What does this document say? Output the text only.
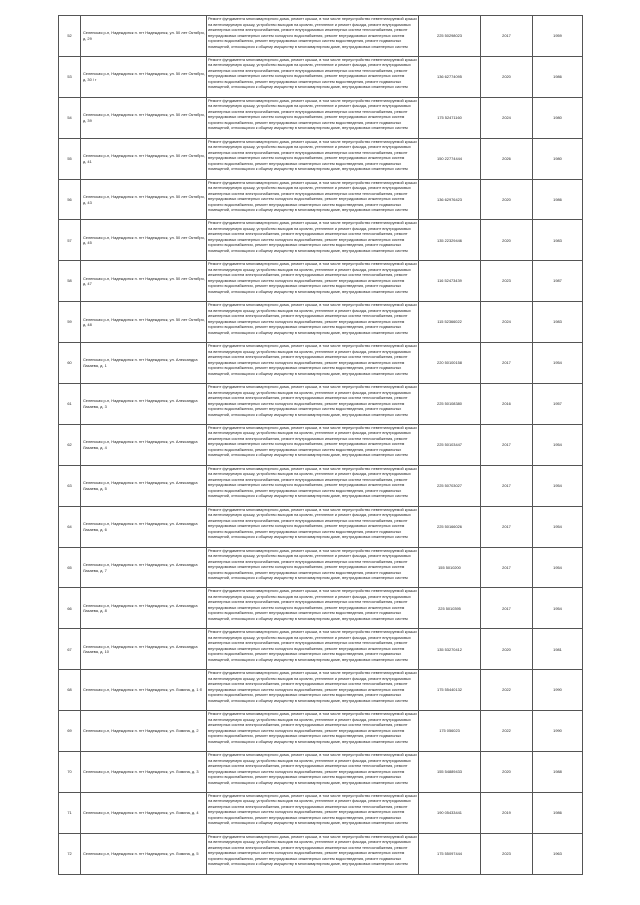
52	Селенская р-н, Надеждинск п. пгт Надеждинск, ул. 50 лет Октября, д. 29	Ремонт фундамента многоквартирного дома, ремонт крыши, в том числе переустройство невентилируемой крыши на вентилируемую крышу, устройство выходов на кровлю, утепление и ремонт фасада, ремонт внутридомовых инженерных систем электроснабжения, ремонт внутридомовых инженерных систем теплоснабжения, ремонт внутридомовых инженерных систем холодного водоснабжения, ремонт внутридомовых инженерных систем горячего водоснабжения, ремонт внутридомовых инженерных систем водоотведения, ремонт подвальных помещений, относящихся к общему имуществу в многоквартирном доме, внутридомовых инженерных систем	225 50298023	2017	1959
53	Селенская р-н, Надеждинск п. пгт Надеждинск, ул. 50 лет Октября, д. 30 / г	Ремонт фундамента многоквартирного дома, ремонт крыши, в том числе переустройство невентилируемой крыши на вентилируемую крышу, устройство выходов на кровлю, утепление и ремонт фасада, ремонт внутридомовых инженерных систем электроснабжения, ремонт внутридомовых инженерных систем теплоснабжения, ремонт внутридомовых инженерных систем холодного водоснабжения, ремонт внутридомовых инженерных систем горячего водоснабжения, ремонт внутридомовых инженерных систем водоотведения, ремонт подвальных помещений, относящихся к общему имуществу в многоквартирном доме, внутридомовых инженерных систем	136 62774095	2020	1986
54	Селенская р-н, Надеждинск п. пгт Надеждинск, ул. 50 лет Октября, д. 39	Ремонт фундамента многоквартирного дома, ремонт крыши, в том числе переустройство невентилируемой крыши на вентилируемую крышу, устройство выходов на кровлю, утепление и ремонт фасада, ремонт внутридомовых инженерных систем электроснабжения, ремонт внутридомовых инженерных систем теплоснабжения, ремонт внутридомовых инженерных систем холодного водоснабжения, ремонт внутридомовых инженерных систем горячего водоснабжения, ремонт внутридомовых инженерных систем водоотведения, ремонт подвальных помещений, относящихся к общему имуществу в многоквартирном доме, внутридомовых инженерных систем	175 52471160	2024	1980
55	Селенская р-н, Надеждинск п. пгт Надеждинск, ул. 50 лет Октября, д. 41	Ремонт фундамента многоквартирного дома, ремонт крыши, в том числе переустройство невентилируемой крыши на вентилируемую крышу, устройство выходов на кровлю, утепление и ремонт фасада, ремонт внутридомовых инженерных систем электроснабжения, ремонт внутридомовых инженерных систем теплоснабжения, ремонт внутридомовых инженерных систем холодного водоснабжения, ремонт внутридомовых инженерных систем горячего водоснабжения, ремонт внутридомовых инженерных систем водоотведения, ремонт подвальных помещений, относящихся к общему имуществу в многоквартирном доме, внутридомовых инженерных систем	150 22774444	2026	1980
56	Селенская р-н, Надеждинск п. пгт Надеждинск, ул. 50 лет Октября, д. 43	Ремонт фундамента многоквартирного дома, ремонт крыши, в том числе переустройство невентилируемой крыши на вентилируемую крышу, устройство выходов на кровлю, утепление и ремонт фасада, ремонт внутридомовых инженерных систем электроснабжения, ремонт внутридомовых инженерных систем теплоснабжения, ремонт внутридомовых инженерных систем холодного водоснабжения, ремонт внутридомовых инженерных систем горячего водоснабжения, ремонт внутридомовых инженерных систем водоотведения, ремонт подвальных помещений, относящихся к общему имуществу в многоквартирном доме, внутридомовых инженерных систем	136 62976423	2020	1986
57	Селенская р-н, Надеждинск п. пгт Надеждинск, ул. 50 лет Октября, д. 45	Ремонт фундамента многоквартирного дома, ремонт крыши, в том числе переустройство невентилируемой крыши на вентилируемую крышу, устройство выходов на кровлю, утепление и ремонт фасада, ремонт внутридомовых инженерных систем электроснабжения, ремонт внутридомовых инженерных систем теплоснабжения, ремонт внутридомовых инженерных систем холодного водоснабжения, ремонт внутридомовых инженерных систем горячего водоснабжения, ремонт внутридомовых инженерных систем водоотведения, ремонт подвальных помещений, относящихся к общему имуществу в многоквартирном доме, внутридомовых инженерных систем	135 22329446	2020	1983
58	Селенская р-н, Надеждинск п. пгт Надеждинск, ул. 50 лет Октября, д. 47	Ремонт фундамента многоквартирного дома, ремонт крыши, в том числе переустройство невентилируемой крыши на вентилируемую крышу, устройство выходов на кровлю, утепление и ремонт фасада, ремонт внутридомовых инженерных систем электроснабжения, ремонт внутридомовых инженерных систем теплоснабжения, ремонт внутридомовых инженерных систем холодного водоснабжения, ремонт внутридомовых инженерных систем горячего водоснабжения, ремонт внутридомовых инженерных систем водоотведения, ремонт подвальных помещений, относящихся к общему имуществу в многоквартирном доме, внутридомовых инженерных систем	116 52473439	2023	1987
59	Селенская р-н, Надеждинск п. пгт Надеждинск, ул. 50 лет Октября, д. 48	Ремонт фундамента многоквартирного дома, ремонт крыши, в том числе переустройство невентилируемой крыши на вентилируемую крышу, устройство выходов на кровлю, утепление и ремонт фасада, ремонт внутридомовых инженерных систем электроснабжения, ремонт внутридомовых инженерных систем теплоснабжения, ремонт внутридомовых инженерных систем холодного водоснабжения, ремонт внутридомовых инженерных систем горячего водоснабжения, ремонт внутридомовых инженерных систем водоотведения, ремонт подвальных помещений, относящихся к общему имуществу в многоквартирном доме, внутридомовых инженерных систем	115 52366022	2024	1983
60	Селенская р-н, Надеждинск п. пгт Надеждинск, ул. Александра Лазаева, д. 1	Ремонт фундамента многоквартирного дома, ремонт крыши, в том числе переустройство невентилируемой крыши на вентилируемую крышу, устройство выходов на кровлю, утепление и ремонт фасада, ремонт внутридомовых инженерных систем электроснабжения, ремонт внутридомовых инженерных систем теплоснабжения, ремонт внутридомовых инженерных систем холодного водоснабжения, ремонт внутридомовых инженерных систем горячего водоснабжения, ремонт внутридомовых инженерных систем водоотведения, ремонт подвальных помещений, относящихся к общему имуществу в многоквартирном доме, внутридомовых инженерных систем	220 50100158	2017	1954
61	Селенская р-н, Надеждинск п. пгт Надеждинск, ул. Александра Лазаева, д. 3	Ремонт фундамента многоквартирного дома, ремонт крыши, в том числе переустройство невентилируемой крыши на вентилируемую крышу, устройство выходов на кровлю, утепление и ремонт фасада, ремонт внутридомовых инженерных систем электроснабжения, ремонт внутридомовых инженерных систем теплоснабжения, ремонт внутридомовых инженерных систем холодного водоснабжения, ремонт внутридомовых инженерных систем горячего водоснабжения, ремонт внутридомовых инженерных систем водоотведения, ремонт подвальных помещений, относящихся к общему имуществу в многоквартирном доме, внутридомовых инженерных систем	225 50108380	2016	1957
62	Селенская р-н, Надеждинск п. пгт Надеждинск, ул. Александра Лазаева, д. 4	Ремонт фундамента многоквартирного дома, ремонт крыши, в том числе переустройство невентилируемой крыши на вентилируемую крышу, устройство выходов на кровлю, утепление и ремонт фасада, ремонт внутридомовых инженерных систем электроснабжения, ремонт внутридомовых инженерных систем теплоснабжения, ремонт внутридомовых инженерных систем холодного водоснабжения, ремонт внутридомовых инженерных систем горячего водоснабжения, ремонт внутридомовых инженерных систем водоотведения, ремонт подвальных помещений, относящихся к общему имуществу в многоквартирном доме, внутридомовых инженерных систем	225 50103447	2017	1954
63	Селенская р-н, Надеждинск п. пгт Надеждинск, ул. Александра Лазаева, д. 5	Ремонт фундамента многоквартирного дома, ремонт крыши, в том числе переустройство невентилируемой крыши на вентилируемую крышу, устройство выходов на кровлю, утепление и ремонт фасада, ремонт внутридомовых инженерных систем электроснабжения, ремонт внутридомовых инженерных систем теплоснабжения, ремонт внутридомовых инженерных систем холодного водоснабжения, ремонт внутридомовых инженерных систем горячего водоснабжения, ремонт внутридомовых инженерных систем водоотведения, ремонт подвальных помещений, относящихся к общему имуществу в многоквартирном доме, внутридомовых инженерных систем	225 50703027	2017	1954
64	Селенская р-н, Надеждинск п. пгт Надеждинск, ул. Александра Лазаева, д. 6	Ремонт фундамента многоквартирного дома, ремонт крыши, в том числе переустройство невентилируемой крыши на вентилируемую крышу, устройство выходов на кровлю, утепление и ремонт фасада, ремонт внутридомовых инженерных систем электроснабжения, ремонт внутридомовых инженерных систем теплоснабжения, ремонт внутридомовых инженерных систем холодного водоснабжения, ремонт внутридомовых инженерных систем горячего водоснабжения, ремонт внутридомовых инженерных систем водоотведения, ремонт подвальных помещений, относящихся к общему имуществу в многоквартирном доме, внутридомовых инженерных систем	225 50166026	2017	1954
65	Селенская р-н, Надеждинск п. пгт Надеждинск, ул. Александра Лазаева, д. 7	Ремонт фундамента многоквартирного дома, ремонт крыши, в том числе переустройство невентилируемой крыши на вентилируемую крышу, устройство выходов на кровлю, утепление и ремонт фасада, ремонт внутридомовых инженерных систем электроснабжения, ремонт внутридомовых инженерных систем теплоснабжения, ремонт внутридомовых инженерных систем холодного водоснабжения, ремонт внутридомовых инженерных систем горячего водоснабжения, ремонт внутридомовых инженерных систем водоотведения, ремонт подвальных помещений, относящихся к общему имуществу в многоквартирном доме, внутридомовых инженерных систем	155 5010200	2017	1954
66	Селенская р-н, Надеждинск п. пгт Надеждинск, ул. Александра Лазаева, д. 8	Ремонт фундамента многоквартирного дома, ремонт крыши, в том числе переустройство невентилируемой крыши на вентилируемую крышу, устройство выходов на кровлю, утепление и ремонт фасада, ремонт внутридомовых инженерных систем электроснабжения, ремонт внутридомовых инженерных систем теплоснабжения, ремонт внутридомовых инженерных систем холодного водоснабжения, ремонт внутридомовых инженерных систем горячего водоснабжения, ремонт внутридомовых инженерных систем водоотведения, ремонт подвальных помещений, относящихся к общему имуществу в многоквартирном доме, внутридомовых инженерных систем	225 5010395	2017	1954
67	Селенская р-н, Надеждинск п. пгт Надеждинск, ул. Александра Лазаева, д. 10	Ремонт фундамента многоквартирного дома, ремонт крыши, в том числе переустройство невентилируемой крыши на вентилируемую крышу, устройство выходов на кровлю, утепление и ремонт фасада, ремонт внутридомовых инженерных систем электроснабжения, ремонт внутридомовых инженерных систем теплоснабжения, ремонт внутридомовых инженерных систем холодного водоснабжения, ремонт внутридомовых инженерных систем горячего водоснабжения, ремонт внутридомовых инженерных систем водоотведения, ремонт подвальных помещений, относящихся к общему имуществу в многоквартирном доме, внутридомовых инженерных систем	135 53270412	2020	1981
68	Селенская р-н, Надеждинск п. пгт Надеждинск, ул. Ломина, д. 1 б	Ремонт фундамента многоквартирного дома, ремонт крыши, в том числе переустройство невентилируемой крыши на вентилируемую крышу, устройство выходов на кровлю, утепление и ремонт фасада, ремонт внутридомовых инженерных систем электроснабжения, ремонт внутридомовых инженерных систем теплоснабжения, ремонт внутридомовых инженерных систем холодного водоснабжения, ремонт внутридомовых инженерных систем горячего водоснабжения, ремонт внутридомовых инженерных систем водоотведения, ремонт подвальных помещений, относящихся к общему имуществу в многоквартирном доме, внутридомовых инженерных систем	175 55440132	2022	1990
69	Селенская р-н, Надеждинск п. пгт Надеждинск, ул. Ломина, д. 2	Ремонт фундамента многоквартирного дома, ремонт крыши, в том числе переустройство невентилируемой крыши на вентилируемую крышу, устройство выходов на кровлю, утепление и ремонт фасада, ремонт внутридомовых инженерных систем электроснабжения, ремонт внутридомовых инженерных систем теплоснабжения, ремонт внутридомовых инженерных систем холодного водоснабжения, ремонт внутридомовых инженерных систем горячего водоснабжения, ремонт внутридомовых инженерных систем водоотведения, ремонт подвальных помещений, относящихся к общему имуществу в многоквартирном доме, внутридомовых инженерных систем	175 056023	2022	1990
70	Селенская р-н, Надеждинск п. пгт Надеждинск, ул. Ломина, д. 3	Ремонт фундамента многоквартирного дома, ремонт крыши, в том числе переустройство невентилируемой крыши на вентилируемую крышу, устройство выходов на кровлю, утепление и ремонт фасада, ремонт внутридомовых инженерных систем электроснабжения, ремонт внутридомовых инженерных систем теплоснабжения, ремонт внутридомовых инженерных систем холодного водоснабжения, ремонт внутридомовых инженерных систем горячего водоснабжения, ремонт внутридомовых инженерных систем водоотведения, ремонт подвальных помещений, относящихся к общему имуществу в многоквартирном доме, внутридомовых инженерных систем	155 54889433	2020	1988
71	Селенская р-н, Надеждинск п. пгт Надеждинск, ул. Ломина, д. 4	Ремонт фундамента многоквартирного дома, ремонт крыши, в том числе переустройство невентилируемой крыши на вентилируемую крышу, устройство выходов на кровлю, утепление и ремонт фасада, ремонт внутридомовых инженерных систем электроснабжения, ремонт внутридомовых инженерных систем теплоснабжения, ремонт внутридомовых инженерных систем холодного водоснабжения, ремонт внутридомовых инженерных систем горячего водоснабжения, ремонт внутридомовых инженерных систем водоотведения, ремонт подвальных помещений, относящихся к общему имуществу в многоквартирном доме, внутридомовых инженерных систем	190 05433441	2019	1986
72	Селенская р-н, Надеждинск п. пгт Надеждинск, ул. Ломина, д. 5	Ремонт фундамента многоквартирного дома, ремонт крыши, в том числе переустройство невентилируемой крыши на вентилируемую крышу, устройство выходов на кровлю, утепление и ремонт фасада, ремонт внутридомовых инженерных систем электроснабжения, ремонт внутридомовых инженерных систем теплоснабжения, ремонт внутридомовых инженерных систем холодного водоснабжения, ремонт внутридомовых инженерных систем горячего водоснабжения, ремонт внутридомовых инженерных систем водоотведения, ремонт подвальных помещений, относящихся к общему имуществу в многоквартирном доме, внутридомовых инженерных систем	175 55097444	2023	1963
